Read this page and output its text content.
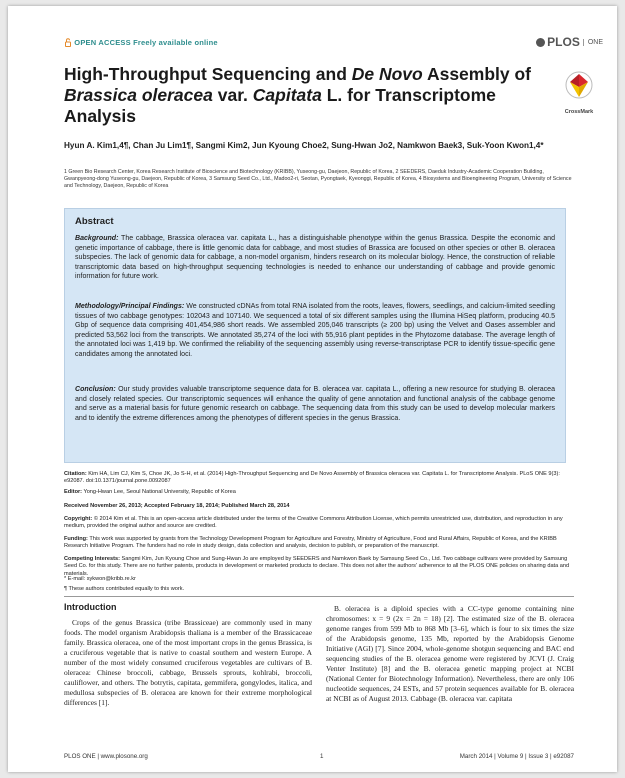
OPEN ACCESS Freely available online	PLOS ONE
CrossMark
High-Throughput Sequencing and De Novo Assembly of
Brassica oleracea var. Capitata L. for Transcriptome Analysis
Hyun A. Kim1,4¶, Chan Ju Lim1¶, Sangmi Kim2, Jun Kyoung Choe2, Sung-Hwan Jo2, Namkwon Baek3, Suk-Yoon Kwon1,4*
1 Green Bio Research Center, Korea Research Institute of Bioscience and Biotechnology (KRIBB), Yuseong-gu, Daejeon, Republic of Korea, 2 SEEDERS, Daeduk Industry-Academic Cooperation Building, Gwanpyeong-dong Yuseong-gu, Daejeon, Republic of Korea, 3 Samsung Seed Co., Ltd., Madoo2-ri, Seotan, Pyongtaek, Kyeonggi, Republic of Korea, 4 Biosystems and Bioengineering Program, University of Science and Technology, Daejeon, Republic of Korea
Abstract
Background: The cabbage, Brassica oleracea var. capitata L., has a distinguishable phenotype within the genus Brassica. Despite the economic and genetic importance of cabbage, there is little genomic data for cabbage, and most studies of Brassica are focused on other species or other B. oleracea subspecies. The lack of genomic data for cabbage, a non-model organism, hinders research on its molecular biology. Hence, the construction of reliable transcriptomic data based on high-throughput sequencing technologies is needed to enhance our understanding of cabbage and provide genomic information for future work.
Methodology/Principal Findings: We constructed cDNAs from total RNA isolated from the roots, leaves, flowers, seedlings, and calcium-limited seedling tissues of two cabbage genotypes: 102043 and 107140. We sequenced a total of six different samples using the Illumina HiSeq platform, producing 40.5 Gbp of sequence data comprising 401,454,986 short reads. We assembled 205,046 transcripts (≥ 200 bp) using the Velvet and Oases assembler and predicted 53,562 loci from the transcripts. We annotated 35,274 of the loci with 55,916 plant peptides in the Phytozome database. The average length of the annotated loci was 1,419 bp. We confirmed the reliability of the sequencing assembly using reverse-transcriptase PCR to identify tissue-specific gene candidates among the annotated loci.
Conclusion: Our study provides valuable transcriptome sequence data for B. oleracea var. capitata L., offering a new resource for studying B. oleracea and closely related species. Our transcriptomic sequences will enhance the quality of gene annotation and functional analysis of the cabbage genome and serve as a material basis for future genomic research on cabbage. The sequencing data from this study can be used to develop molecular markers and to identify the extreme differences among the phenotypes of different species in the genus Brassica.
Citation: Kim HA, Lim CJ, Kim S, Choe JK, Jo S-H, et al. (2014) High-Throughput Sequencing and De Novo Assembly of Brassica oleracea var. Capitata L. for Transcriptome Analysis. PLoS ONE 9(3): e92087. doi:10.1371/journal.pone.0092087
Editor: Yong-Hwan Lee, Seoul National University, Republic of Korea
Received November 26, 2013; Accepted February 18, 2014; Published March 28, 2014
Copyright: © 2014 Kim et al. This is an open-access article distributed under the terms of the Creative Commons Attribution License, which permits unrestricted use, distribution, and reproduction in any medium, provided the original author and source are credited.
Funding: This work was supported by grants from the Technology Development Program for Agriculture and Forestry, Ministry of Agriculture, Food and Rural Affairs, Republic of Korea, and the KRIBB Research Initiative Program. The funders had no role in study design, data collection and analysis, decision to publish, or preparation of the manuscript.
Competing Interests: Sangmi Kim, Jun Kyoung Choe and Sung-Hwan Jo are employed by SEEDERS and Namkwon Baek by Samsung Seed Co., Ltd. Two cabbage cultivars were provided by Samsung Seed Co. for this study. There are no further patents, products in development or marketed products to declare. This does not alter the authors' adherence to all the PLOS ONE policies on sharing data and materials.
* E-mail: sykwon@kribb.re.kr
¶ These authors contributed equally to this work.
Introduction
Crops of the genus Brassica (tribe Brassiceae) are commonly used in many foods. The model organism Arabidopsis thaliana is a member of the Brassicaceae family. Brassica oleracea, one of the most important crops in the genus Brassica, is a cruciferous vegetable that is native to coastal southern and western Europe. A number of the most widely consumed cruciferous vegetables are cultivars of B. oleracea: Chinese broccoli, cabbage, Brussels sprouts, kohlrabi, broccoli, cauliflower, and others. The botrytis, capitata, gemmifera, gongylodes, italica, and medullosa subspecies of B. oleracea are known for their extreme morphological differences [1].
B. oleracea is a diploid species with a CC-type genome containing nine chromosomes: x = 9 (2x = 2n = 18) [2]. The estimated size of the B. oleracea genome ranges from 599 Mb to 868 Mb [3–6], which is four to six times the size of the Arabidopsis genome, 135 Mb, reported by the Arabidopsis Genome Initiative (AGI) [7]. Since 2004, whole-genome shotgun sequencing and BAC end sequencing studies of the B. oleracea genome were registered by JCVI (J. Craig Venter Institute) [8] and the B. oleracea genetic mapping project at NCBI (National Center for Biotechnology Information). Nevertheless, there are only 106 nucleotide sequences, 24 ESTs, and 57 protein sequences available for B. oleracea at NCBI as of August 2013. Cabbage (B. oleracea var. capitata
PLOS ONE | www.plosone.org	1	March 2014 | Volume 9 | Issue 3 | e92087
